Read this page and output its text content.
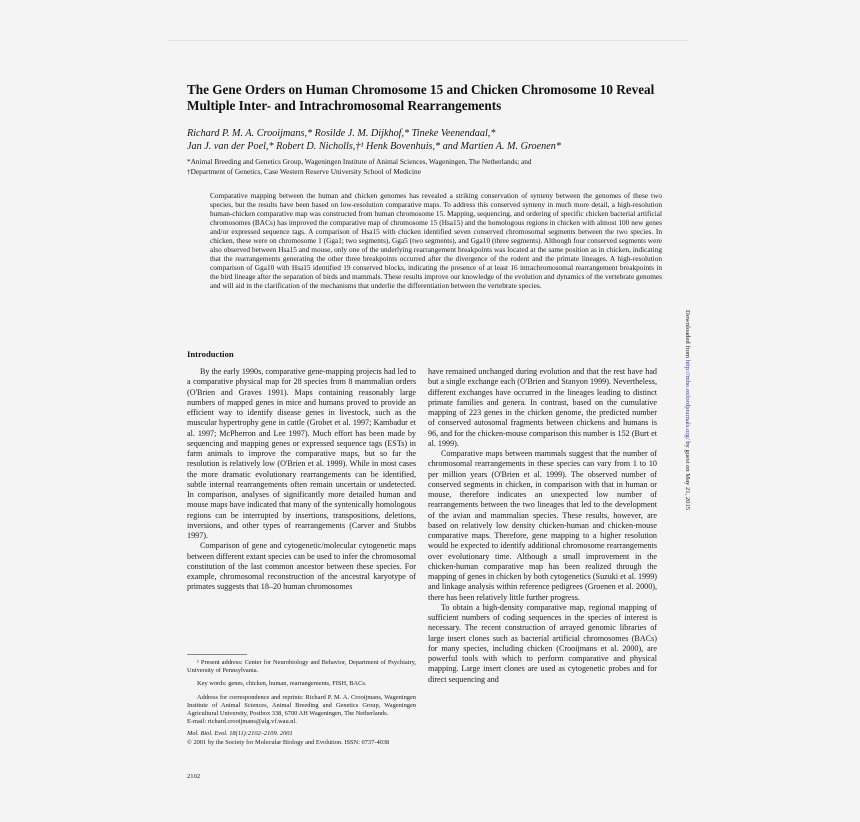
The Gene Orders on Human Chromosome 15 and Chicken Chromosome 10 Reveal Multiple Inter- and Intrachromosomal Rearrangements
Richard P. M. A. Crooijmans,* Rosilde J. M. Dijkhof,* Tineke Veenendaal,*
Jan J. van der Poel,* Robert D. Nicholls,†¹ Henk Bovenhuis,* and Martien A. M. Groenen*
*Animal Breeding and Genetics Group, Wageningen Institute of Animal Sciences, Wageningen, The Netherlands; and
†Department of Genetics, Case Western Reserve University School of Medicine

Comparative mapping between the human and chicken genomes has revealed a striking conservation of synteny between the genomes of these two species, but the results have been based on low-resolution comparative maps. To address this conserved synteny in much more detail, a high-resolution human-chicken comparative map was constructed from human chromosome 15. Mapping, sequencing, and ordering of specific chicken bacterial artificial chromosomes (BACs) has improved the comparative map of chromosome 15 (Hsa15) and the homologous regions in chicken with almost 100 new genes and/or expressed sequence tags. A comparison of Hsa15 with chicken identified seven conserved chromosomal segments between the two species. In chicken, these were on chromosome 1 (Gga1; two segments), Gga5 (two segments), and Gga10 (three segments). Although four conserved segments were also observed between Hsa15 and mouse, only one of the underlying rearrangement breakpoints was located at the same position as in chicken, indicating that the rearrangements generating the other three breakpoints occurred after the divergence of the rodent and the primate lineages. A high-resolution comparison of Gga10 with Hsa15 identified 19 conserved blocks, indicating the presence of at least 16 intrachromosomal rearrangement breakpoints in the bird lineage after the separation of birds and mammals. These results improve our knowledge of the evolution and dynamics of the vertebrate genomes and will aid in the clarification of the mechanisms that underlie the differentiation between the vertebrate species.

Introduction

By the early 1990s, comparative gene-mapping projects had led to a comparative physical map for 28 species from 8 mammalian orders (O'Brien and Graves 1991). Maps containing reasonably large numbers of mapped genes in mice and humans proved to provide an efficient way to identify disease genes in livestock, such as the muscular hypertrophy gene in cattle (Grobet et al. 1997; Kambadur et al. 1997; McPherron and Lee 1997). Much effort has been made by sequencing and mapping genes or expressed sequence tags (ESTs) in farm animals to improve the comparative maps, but so far the resolution is relatively low (O'Brien et al. 1999). While in most cases the more dramatic evolutionary rearrangements can be identified, subtle internal rearrangements often remain uncertain or undetected. In comparison, analyses of significantly more detailed human and mouse maps have indicated that many of the syntenically homologous regions can be interrupted by insertions, transpositions, deletions, inversions, and other types of rearrangements (Carver and Stubbs 1997).

Comparison of gene and cytogenetic/molecular cytogenetic maps between different extant species can be used to infer the chromosomal constitution of the last common ancestor between these species. For example, chromosomal reconstruction of the ancestral karyotype of primates suggests that 18–20 human chromosomes

¹ Present address: Center for Neurobiology and Behavior, Department of Psychiatry, University of Pennsylvania.

Key words: genes, chicken, human, rearrangements, FISH, BACs.

Address for correspondence and reprints: Richard P. M. A. Crooijmans, Wageningen Institute of Animal Sciences, Animal Breeding and Genetics Group, Wageningen Agricultural University, Postbox 338, 6700 AH Wageningen, The Netherlands.

E-mail: richard.crooijmans@alg.vf.wau.nl.

Mol. Biol. Evol. 18(11):2102–2109. 2001

© 2001 by the Society for Molecular Biology and Evolution. ISSN: 0737-4038

have remained unchanged during evolution and that the rest have had but a single exchange each (O'Brien and Stanyon 1999). Nevertheless, different exchanges have occurred in the lineages leading to distinct primate families and genera. In contrast, based on the cumulative mapping of 223 genes in the chicken genome, the predicted number of conserved autosomal fragments between chickens and humans is 96, and for the chicken-mouse comparison this number is 152 (Burt et al. 1999).

Comparative maps between mammals suggest that the number of chromosomal rearrangements in these species can vary from 1 to 10 per million years (O'Brien et al. 1999). The observed number of conserved segments in chicken, in comparison with that in human or mouse, therefore indicates an unexpected low number of rearrangements between the two lineages that led to the development of the avian and mammalian species. These results, however, are based on relatively low density chicken-human and chicken-mouse comparative maps. Therefore, gene mapping to a higher resolution would be expected to identify additional chromosome rearrangements over evolutionary time. Although a small improvement in the chicken-human comparative map has been realized through the mapping of genes in chicken by both cytogenetics (Suzuki et al. 1999) and linkage analysis within reference pedigrees (Groenen et al. 2000), there has been relatively little further progress.

To obtain a high-density comparative map, regional mapping of sufficient numbers of coding sequences in the species of interest is necessary. The recent construction of arrayed genomic libraries of large insert clones such as bacterial artificial chromosomes (BACs) for many species, including chicken (Crooijmans et al. 2000), are powerful tools with which to perform comparative and physical mapping. Large insert clones are used as cytogenetic probes and for direct sequencing and

2102

Downloaded from http://mbe.oxfordjournals.org/ by guest on May 21, 2015
